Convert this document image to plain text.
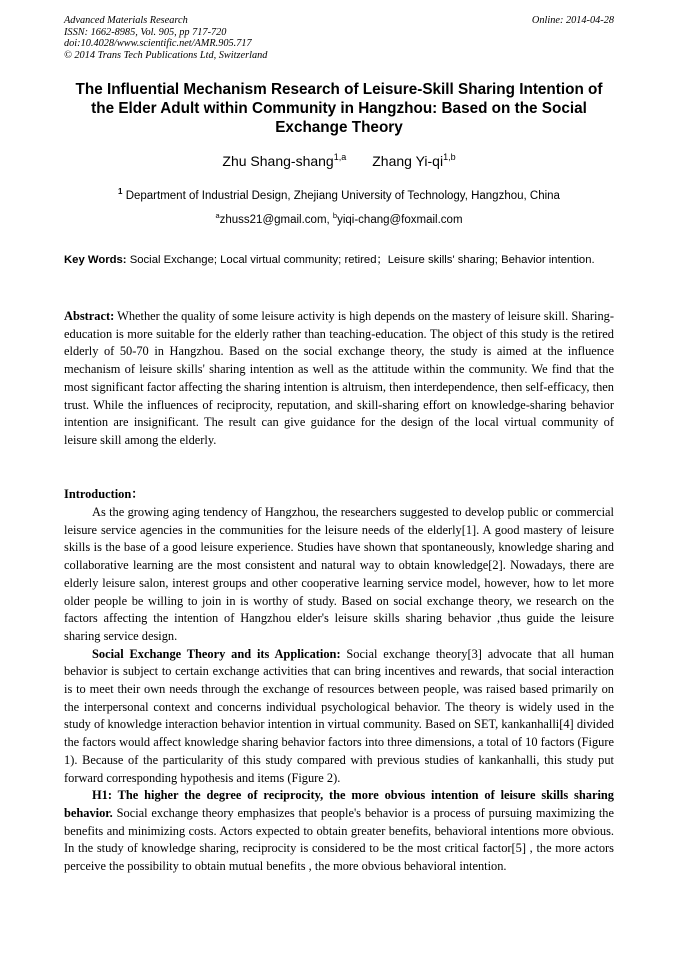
Advanced Materials Research
ISSN: 1662-8985, Vol. 905, pp 717-720
doi:10.4028/www.scientific.net/AMR.905.717
© 2014 Trans Tech Publications Ltd, Switzerland
Online: 2014-04-28
The Influential Mechanism Research of Leisure-Skill Sharing Intention of the Elder Adult within Community in Hangzhou: Based on the Social Exchange Theory
Zhu Shang-shang$^{1,a}$ Zhang Yi-qi$^{1,b}$
$^1$ Department of Industrial Design, Zhejiang University of Technology, Hangzhou, China
$^a$zhuss21@gmail.com, $^b$yiqi-chang@foxmail.com
Key Words: Social Exchange; Local virtual community; retired；Leisure skills' sharing; Behavior intention.
Abstract: Whether the quality of some leisure activity is high depends on the mastery of leisure skill. Sharing-education is more suitable for the elderly rather than teaching-education. The object of this study is the retired elderly of 50-70 in Hangzhou. Based on the social exchange theory, the study is aimed at the influence mechanism of leisure skills' sharing intention as well as the attitude within the community. We find that the most significant factor affecting the sharing intention is altruism, then interdependence, then self-efficacy, then trust. While the influences of reciprocity, reputation, and skill-sharing effort on knowledge-sharing behavior intention are insignificant. The result can give guidance for the design of the local virtual community of leisure skill among the elderly.
Introduction：

As the growing aging tendency of Hangzhou, the researchers suggested to develop public or commercial leisure service agencies in the communities for the leisure needs of the elderly[1]. A good mastery of leisure skills is the base of a good leisure experience. Studies have shown that spontaneously, knowledge sharing and collaborative learning are the most consistent and natural way to obtain knowledge[2]. Nowadays, there are elderly leisure salon, interest groups and other cooperative learning service model, however, how to let more older people be willing to join in is worthy of study. Based on social exchange theory, we research on the factors affecting the intention of Hangzhou elder's leisure skills sharing behavior ,thus guide the leisure sharing service design.

Social Exchange Theory and its Application: Social exchange theory[3] advocate that all human behavior is subject to certain exchange activities that can bring incentives and rewards, that social interaction is to meet their own needs through the exchange of resources between people, was raised based primarily on the interpersonal context and concerns individual psychological behavior. The theory is widely used in the study of knowledge interaction behavior intention in virtual community. Based on SET, kankanhalli[4] divided the factors would affect knowledge sharing behavior factors into three dimensions, a total of 10 factors (Figure 1). Because of the particularity of this study compared with previous studies of kankanhalli, this study put forward corresponding hypothesis and items (Figure 2).

H1: The higher the degree of reciprocity, the more obvious intention of leisure skills sharing behavior. Social exchange theory emphasizes that people's behavior is a process of pursuing maximizing the benefits and minimizing costs. Actors expected to obtain greater benefits, behavioral intentions more obvious. In the study of knowledge sharing, reciprocity is considered to be the most critical factor[5] , the more actors perceive the possibility to obtain mutual benefits , the more obvious behavioral intention.
